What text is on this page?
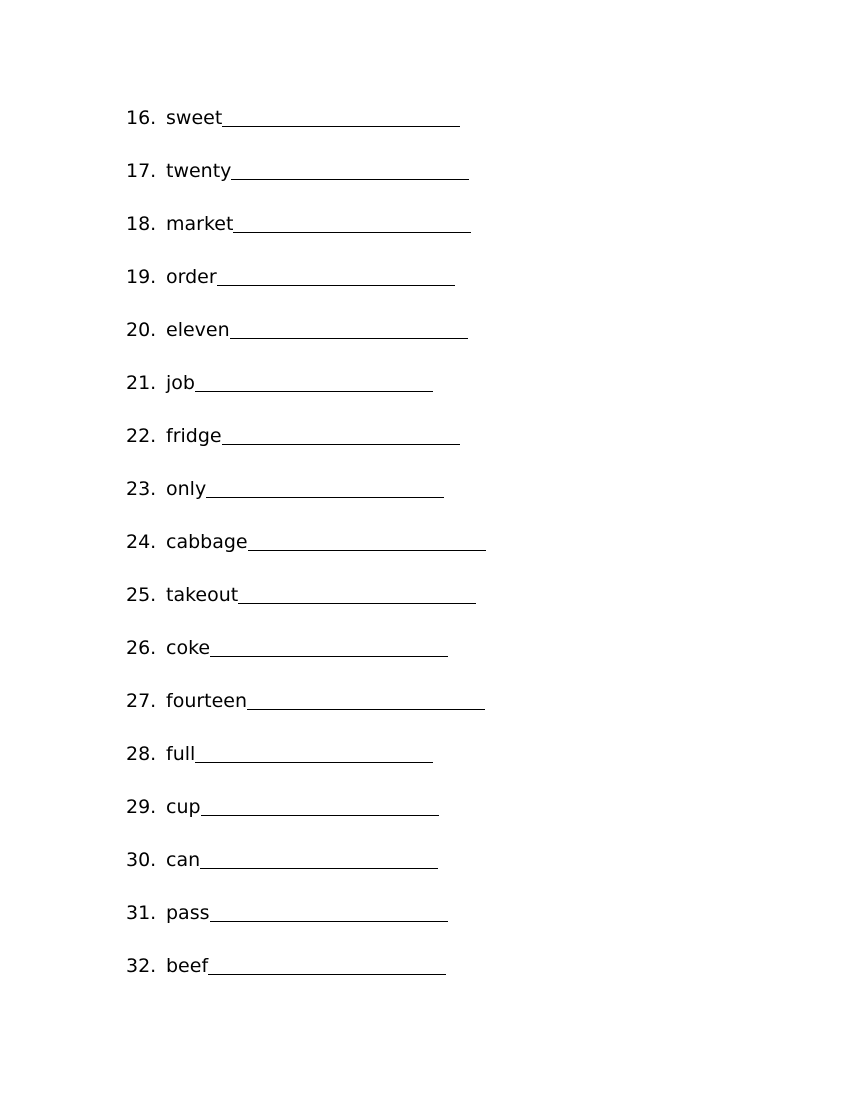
16. sweet
17. twenty
18. market
19. order
20. eleven
21. job
22. fridge
23. only
24. cabbage
25. takeout
26. coke
27. fourteen
28. full
29. cup
30. can
31. pass
32. beef
